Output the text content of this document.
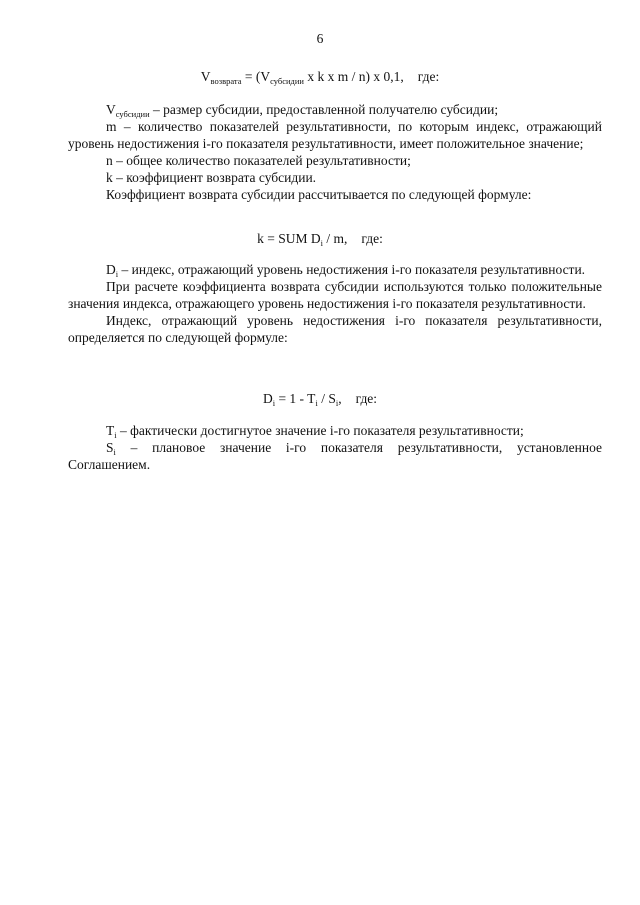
6
$V_{возврата} = (V_{субсидии}$ x k x m / n) x 0,1, где:

$V_{субсидии}$ – размер субсидии, предоставленной получателю субсидии;

m – количество показателей результативности, по которым индекс, отражающий уровень недостижения i-го показателя результативности, имеет положительное значение;

n – общее количество показателей результативности;

k – коэффициент возврата субсидии.

Коэффициент возврата субсидии рассчитывается по следующей формуле:

k = SUM $D_i$ / m, где:

$D_i$ – индекс, отражающий уровень недостижения i-го показателя результативности.

При расчете коэффициента возврата субсидии используются только положительные значения индекса, отражающего уровень недостижения i-го показателя результативности.

Индекс, отражающий уровень недостижения i-го показателя результативности, определяется по следующей формуле:

$D_i = 1 - T_i / S_i$, где:

$T_i$ – фактически достигнутое значение i-го показателя результативности;

$S_i$ – плановое значение i-го показателя результативности, установленное Соглашением.
